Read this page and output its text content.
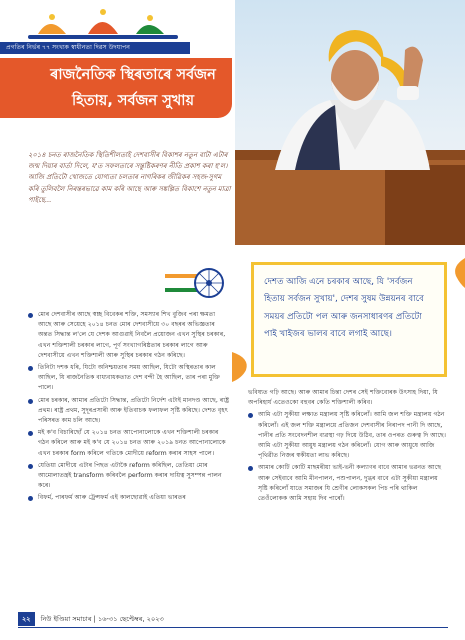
প্ৰগতিৰ নিৰ্ভৰ ৭৭ সংখ্যক স্বাধীনতা দিৱস উদযাপন
ৰাজনৈতিক স্থিৰতাৰে সৰ্বজন
হিতায়, সৰ্বজন সুখায়
২০১৪ চনত ৰাজনৈতিক স্থিতিশীলতাই দেশবাসীৰ বিকাশৰ নতুন বাটা এটাৰ জন্ম দিয়াৰ বাৰ্তা দিলে, য'ত সফলতাৰে সন্তুষ্টিকৰণৰ নীতি প্ৰকাশ কৰা হ'ল। আজি প্ৰতিটো খোজতে যোগ্যতা চলতাৰ নাগৰিকৰ জীৱিকৰ সহজ-সুগম কৰি তুলিবলৈ নিৰন্তৰভাৱে কাম কৰি আছে আৰু সঙ্কল্পিত বিকাশে নতুন মাত্ৰা পাইছে...
দেশত আজি এনে চৰকাৰ আছে, যি 'সৰ্বজন হিতায় সৰ্বজন সুখায়', দেশৰ সুষম উন্নয়নৰ বাবে সময়ৰ প্ৰতিটো পল আৰু জনসাধাৰণৰ প্ৰতিটো পাই খাইজৰ ভালৰ বাবে লগাই আছে।
মোৰ দেশবাসীৰ আছে স্বচ্ছ বিবেকৰ শক্তি, সমস্যাৰ শিখ বুজিব পৰা ক্ষমতা আছে আৰু সেয়েহে ২০১৪ চনত মোৰ দেশবাসীয়ে ৩০ বছৰৰ অভিজ্ঞতাৰ অন্তত সিদ্ধান্ত ল'লে যে দেশক আগুৱাই নিবলৈ প্ৰয়োজন এখন সুস্থিৰ চৰকাৰ, এখন শক্তিশালী চৰকাৰ লাগে, পূৰ্ণ সংখ্যাগৰিষ্ঠতাৰ চৰকাৰ লাগে আৰু দেশবাসীয়ে এখন শক্তিশালী আৰু সুস্থিৰ চৰকাৰ গঠন কৰিছে।
তিনিটা দশক ধৰি, যিটো অনিশ্চয়তাৰ সময় আছিল, যিটো অস্থিৰতাৰ কাল আছিল, যি ৰাজনৈতিক বাধ্যবাধকতাত দেশ বন্দী হৈ আছিল, তাৰ পৰা মুক্তি পালে।
মোৰ চৰকাৰ, আমাৰ প্ৰতিটো সিদ্ধান্ত, প্ৰতিটো নিৰ্দেশ এটাই মানদণ্ড আছে, ৰাষ্ট্ৰ প্ৰথম। ৰাষ্ট্ৰ প্ৰথম, সুদূৰপ্ৰসাৰী আৰু ইতিবাচক ফলাফল সৃষ্টি কৰিছে। দেশত বৃহৎ পৰিসৰত কাম চলি আছে।
মই ক'ব বিচাৰিছোঁ যে ২০১৪ চনত আপোনালোকে এখন শক্তিশালী চৰকাৰ গঠন কৰিলে আৰু মই ক'ব যে ২০১৪ চনত আৰু ২০১৯ চনত আপোনালোকে এখন চৰকাৰ form কৰিলে গতিকে মোদীয়ে reform কৰাৰ সাহস পালে।
যেতিয়া মোদীয়ে এটাৰ পিছত এটাকৈ reform কৰিছিল, তেতিয়া মোৰ আমোলাতন্ত্ৰই transform কৰিবলৈ perform কৰাৰ দায়িত্ব সুসম্পন্ন পালন কৰে।
বিফৰ্ম, পাৰফৰ্ম আৰু ট্ৰেন্সফৰ্ম এই কালছোৱাই এতিয়া ভাৰতৰ
ভবিষ্যত গঢ়ি আছে। আৰু আমাৰ চিন্তা দেশৰ সেই শক্তিবোৰক উৎসাহ দিয়া, যি অপৰিহাৰ্য এতেওকো বহুবৰ কেতি শক্তিশালী কৰিব।
আমি এটা সুকীয়া লক্ষ্যত মন্ত্ৰালয় সৃষ্টি কৰিলোঁ। আমি জল শক্তি মন্ত্ৰালয় গঠন কৰিলোঁ। এই জল শক্তি মন্ত্ৰালয়ে প্ৰতিজন দেশবাসীৰ নিৰাপদ পানী দি আছে, পানীৰ প্ৰতি সংবেদনশীল ব্যৱস্থা গঢ় দিয়ে উঠিব, তাৰ ওপৰত গুৰুত্ব দি আছে। আমি এটা সুকীয়া আয়ুষ মন্ত্ৰালয় গঠন কৰিলোঁ। যোগ আৰু আয়ুষে আজি পৃথিৱীত নিজৰ স্বকীয়তা লাভ কৰিছে।
আমাৰ কোটি কোটি মাছমৰীয়া ভাই-ভনী কল্যাণৰ বাবে আমাৰ ভৱনত আছে আৰু সেইবাবে আমি মীনপালন, পশুপালন, দুগ্ধৰ বাবে এটা সুকীয়া মন্ত্ৰালয় সৃষ্টি কৰিলোঁ যাতে সমাজৰ যি শ্ৰেণীৰ লোকসকল পিচ পৰি থাকিল তেওঁলোকক আমি সহায় দিব পাৰোঁ।
২২ নিউ ইণ্ডিয়া সমাচাৰ | ১৬-৩১ ছেপ্টেম্বৰ, ২০২৩
